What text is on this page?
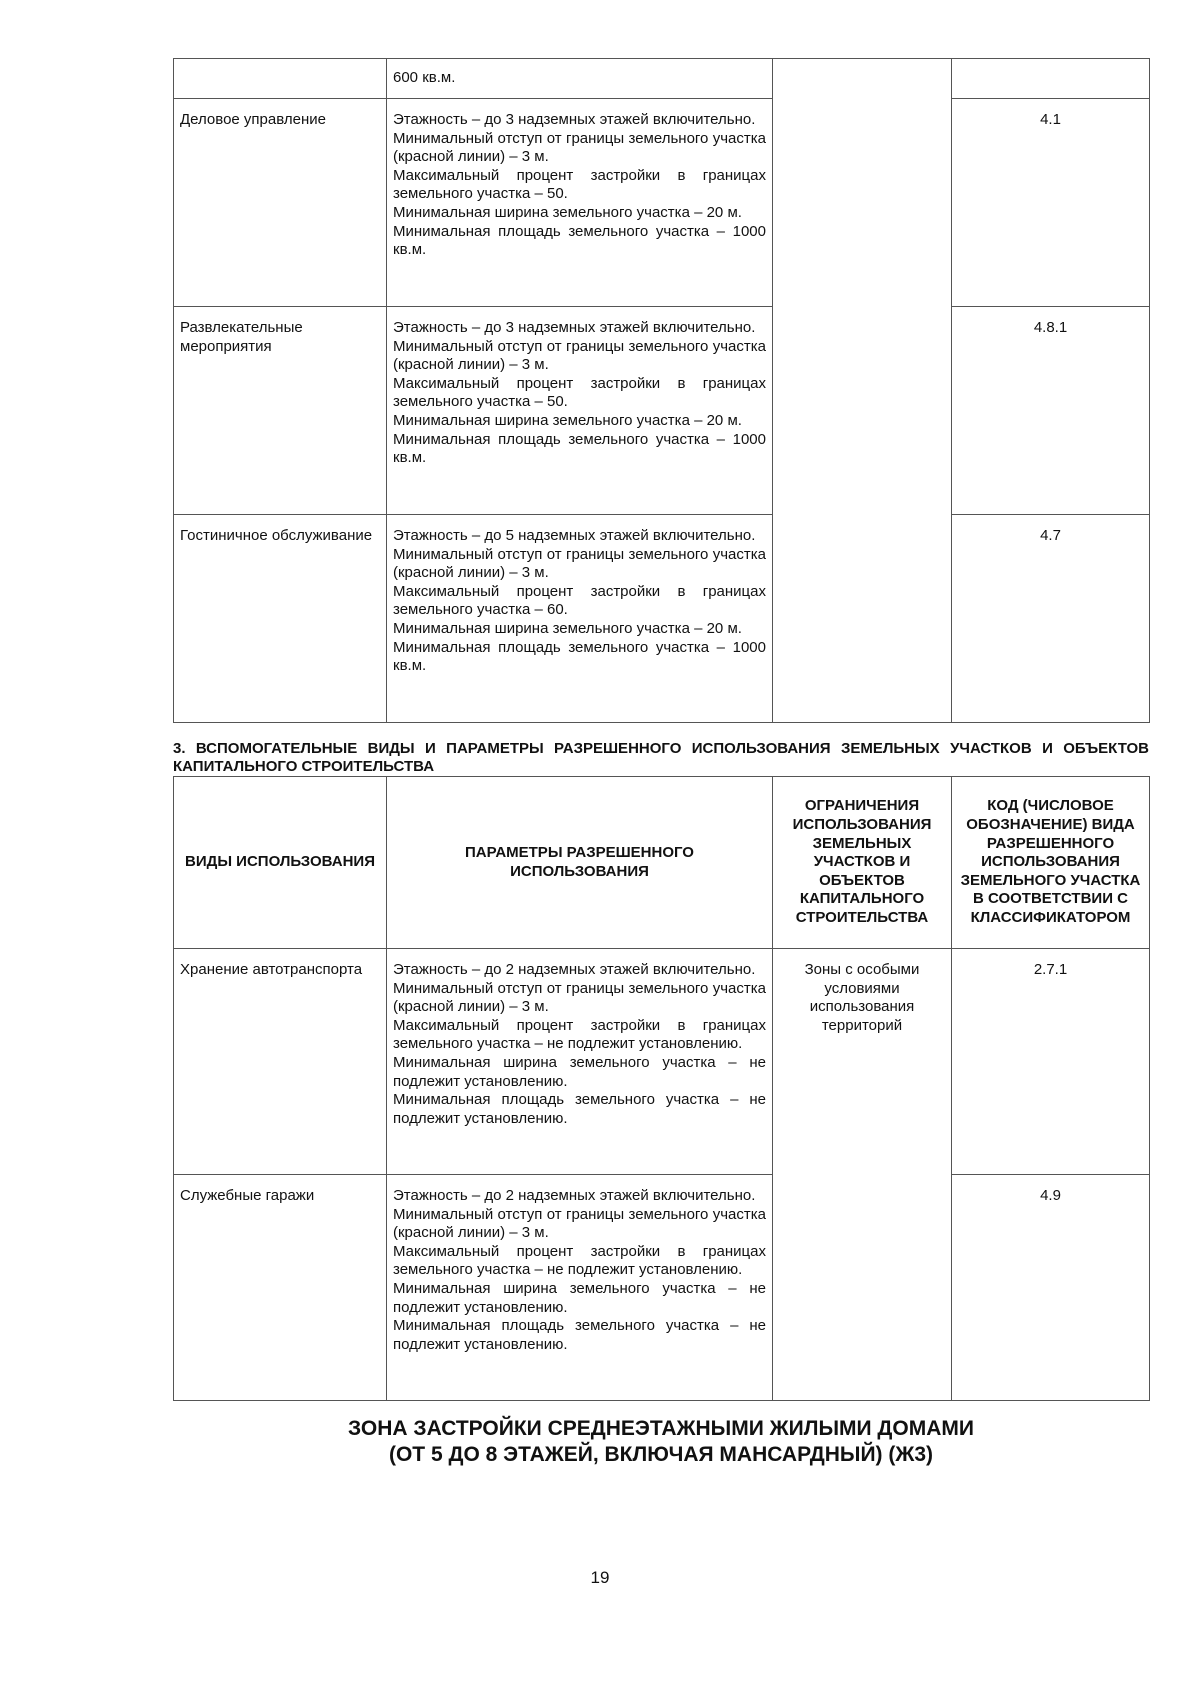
	600 кв.м.		

Деловое управление	Этажность – до 3 надземных этажей включительно.

Минимальный отступ от границы земельного участка (красной линии) – 3 м.

Максимальный процент застройки в границах земельного участка – 50.

Минимальная ширина земельного участка – 20 м.

Минимальная площадь земельного участка – 1000 кв.м.		4.1
Развлекательные мероприятия	Этажность – до 3 надземных этажей включительно.

Минимальный отступ от границы земельного участка (красной линии) – 3 м.

Максимальный процент застройки в границах земельного участка – 50.

Минимальная ширина земельного участка – 20 м.

Минимальная площадь земельного участка – 1000 кв.м.		4.8.1
Гостиничное обслуживание	Этажность – до 5 надземных этажей включительно.

Минимальный отступ от границы земельного участка (красной линии) – 3 м.

Максимальный процент застройки в границах земельного участка – 60.

Минимальная ширина земельного участка – 20 м.

Минимальная площадь земельного участка – 1000 кв.м.		4.7

3. ВСПОМОГАТЕЛЬНЫЕ ВИДЫ И ПАРАМЕТРЫ РАЗРЕШЕННОГО ИСПОЛЬЗОВАНИЯ ЗЕМЕЛЬНЫХ УЧАСТКОВ И ОБЪЕКТОВ КАПИТАЛЬНОГО СТРОИТЕЛЬСТВА

ВИДЫ ИСПОЛЬЗОВАНИЯ	ПАРАМЕТРЫ РАЗРЕШЕННОГО ИСПОЛЬЗОВАНИЯ	ОГРАНИЧЕНИЯ ИСПОЛЬЗОВАНИЯ ЗЕМЕЛЬНЫХ УЧАСТКОВ И ОБЪЕКТОВ КАПИТАЛЬНОГО СТРОИТЕЛЬСТВА	КОД (ЧИСЛОВОЕ ОБОЗНАЧЕНИЕ) ВИДА РАЗРЕШЕННОГО ИСПОЛЬЗОВАНИЯ ЗЕМЕЛЬНОГО УЧАСТКА В СООТВЕТСТВИИ С КЛАССИФИКАТОРОМ
Хранение автотранспорта	Этажность – до 2 надземных этажей включительно.

Минимальный отступ от границы земельного участка (красной линии) – 3 м.

Максимальный процент застройки в границах земельного участка – не подлежит установлению.

Минимальная ширина земельного участка – не подлежит установлению.

Минимальная площадь земельного участка – не подлежит установлению.	Зоны с особыми условиями использования территорий	2.7.1
Служебные гаражи	Этажность – до 2 надземных этажей включительно.

Минимальный отступ от границы земельного участка (красной линии) – 3 м.

Максимальный процент застройки в границах земельного участка – не подлежит установлению.

Минимальная ширина земельного участка – не подлежит установлению.

Минимальная площадь земельного участка – не подлежит установлению.		4.9
ЗОНА ЗАСТРОЙКИ СРЕДНЕЭТАЖНЫМИ ЖИЛЫМИ ДОМАМИ
(ОТ 5 ДО 8 ЭТАЖЕЙ, ВКЛЮЧАЯ МАНСАРДНЫЙ) (Ж3)
19
